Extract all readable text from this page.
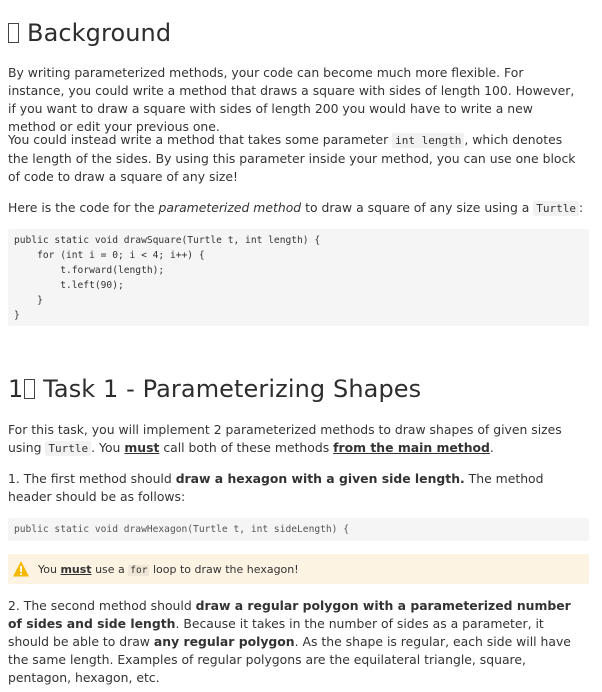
Background

By writing parameterized methods, your code can become much more flexible. For instance, you could write a method that draws a square with sides of length 100. However, if you want to draw a square with sides of length 200 you would have to write a new method or edit your previous one.

You could instead write a method that takes some parameter int length , which denotes the length of the sides. By using this parameter inside your method, you can use one block of code to draw a square of any size!

Here is the code for the parameterized method to draw a square of any size using a Turtle :

public static void drawSquare(Turtle t, int length) {
for (int i = 0; i < 4; i++) {
t.forward(length);
t.left(90);
}
}
1 Task 1 - Parameterizing Shapes

For this task, you will implement 2 parameterized methods to draw shapes of given sizes using Turtle . You must call both of these methods from the main method.

1. The first method should draw a hexagon with a given side length. The method header should be as follows:

public static void drawHexagon(Turtle t, int sideLength) {
You must use a for loop to draw the hexagon!

2. The second method should draw a regular polygon with a parameterized number of sides and side length. Because it takes in the number of sides as a parameter, it should be able to draw any regular polygon. As the shape is regular, each side will have the same length. Examples of regular polygons are the equilateral triangle, square, pentagon, hexagon, etc.
